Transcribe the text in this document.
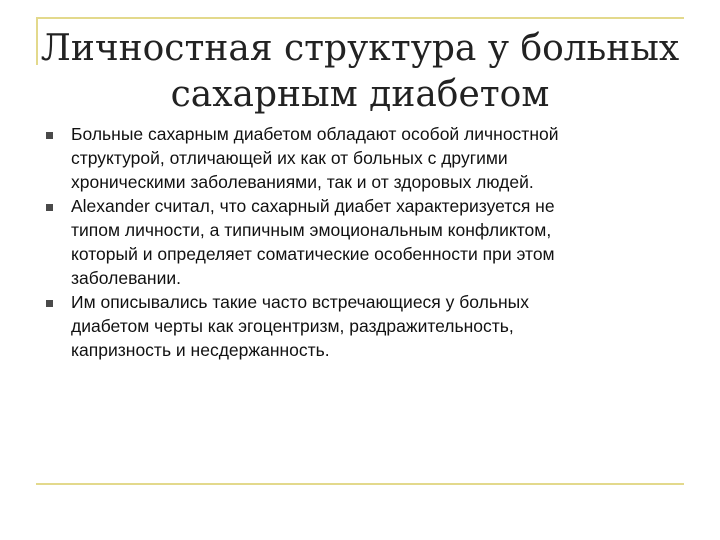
Личностная структура у больных
сахарным диабетом
Больные сахарным диабетом обладают особой личностной
структурой, отличающей их как от больных с другими
хроническими заболеваниями, так и от здоровых людей.
Alexander считал, что сахарный диабет характеризуется не
типом личности, а типичным эмоциональным конфликтом,
который и определяет соматические особенности при этом
заболевании.
Им описывались такие часто встречающиеся у больных
диабетом черты как эгоцентризм, раздражительность,
капризность и несдержанность.
